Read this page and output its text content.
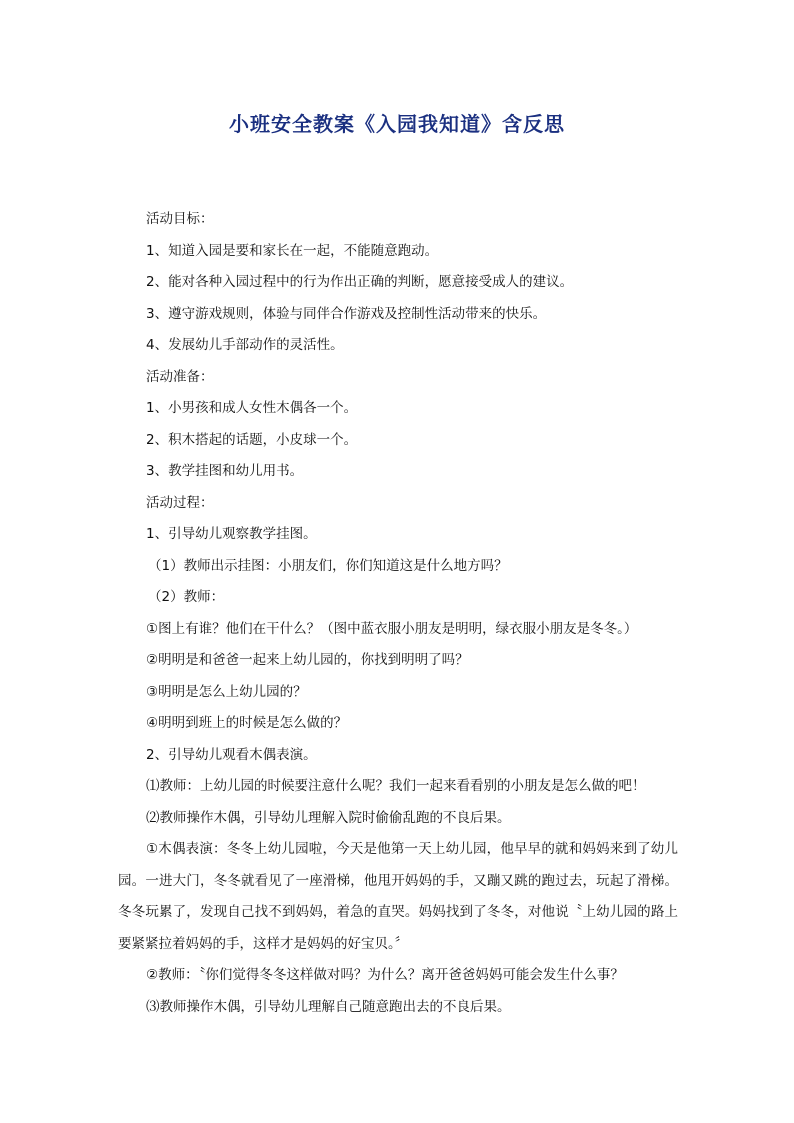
小班安全教案《入园我知道》含反思
活动目标：
1、知道入园是要和家长在一起，不能随意跑动。
2、能对各种入园过程中的行为作出正确的判断，愿意接受成人的建议。
3、遵守游戏规则，体验与同伴合作游戏及控制性活动带来的快乐。
4、发展幼儿手部动作的灵活性。
活动准备：
1、小男孩和成人女性木偶各一个。
2、积木搭起的话题，小皮球一个。
3、教学挂图和幼儿用书。
活动过程：
1、引导幼儿观察教学挂图。
（1）教师出示挂图：小朋友们，你们知道这是什么地方吗？
（2）教师：
①图上有谁？他们在干什么？（图中蓝衣服小朋友是明明，绿衣服小朋友是冬冬。）
②明明是和爸爸一起来上幼儿园的，你找到明明了吗？
③明明是怎么上幼儿园的？
④明明到班上的时候是怎么做的？
2、引导幼儿观看木偶表演。
⑴教师：上幼儿园的时候要注意什么呢？我们一起来看看别的小朋友是怎么做的吧！
⑵教师操作木偶，引导幼儿理解入院时偷偷乱跑的不良后果。
①木偶表演：冬冬上幼儿园啦，今天是他第一天上幼儿园，他早早的就和妈妈来到了幼儿园。一进大门，冬冬就看见了一座滑梯，他甩开妈妈的手，又蹦又跳的跑过去，玩起了滑梯。冬冬玩累了，发现自己找不到妈妈，着急的直哭。妈妈找到了冬冬，对他说〝上幼儿园的路上要紧紧拉着妈妈的手，这样才是妈妈的好宝贝。〞
②教师：〝你们觉得冬冬这样做对吗？为什么？离开爸爸妈妈可能会发生什么事？
⑶教师操作木偶，引导幼儿理解自己随意跑出去的不良后果。
